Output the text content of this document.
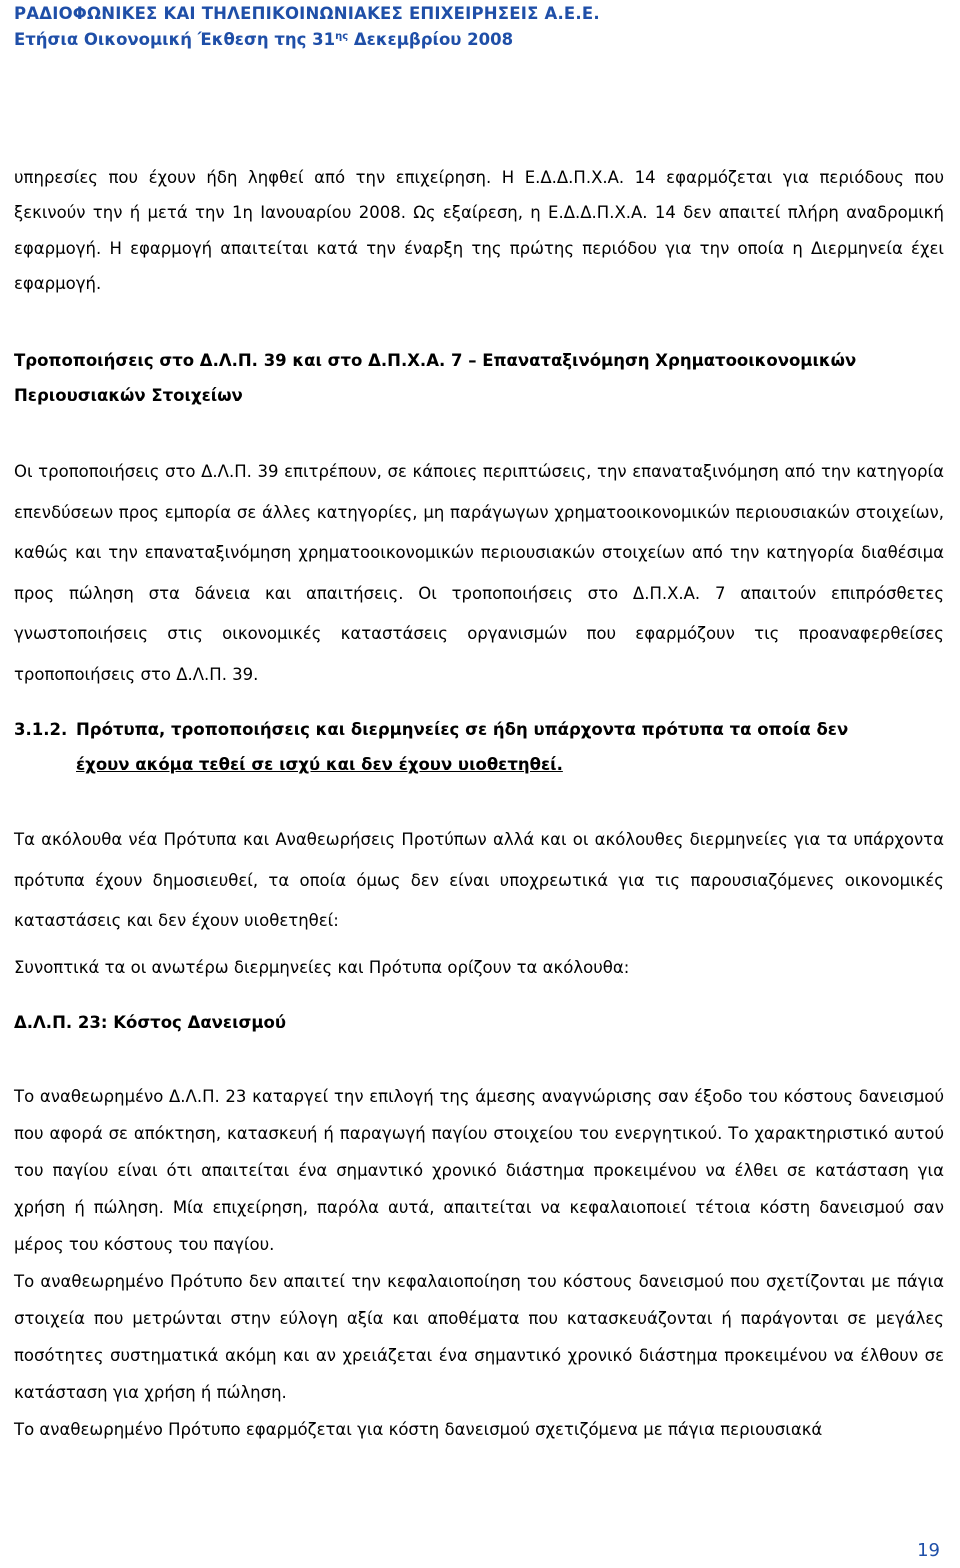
ΡΑΔΙΟΦΩΝΙΚΕΣ ΚΑΙ ΤΗΛΕΠΙΚΟΙΝΩΝΙΑΚΕΣ ΕΠΙΧΕΙΡΗΣΕΙΣ Α.Ε.Ε.
Ετήσια Οικονομική Έκθεση της $31^{\eta\varsigma}$ Δεκεμβρίου 2008

υπηρεσίες που έχουν ήδη ληφθεί από την επιχείρηση. Η Ε.Δ.Δ.Π.Χ.Α. 14 εφαρμόζεται για περιόδους που ξεκινούν την ή μετά την 1η Ιανουαρίου 2008. Ως εξαίρεση, η Ε.Δ.Δ.Π.Χ.Α. 14 δεν απαιτεί πλήρη αναδρομική εφαρμογή. Η εφαρμογή απαιτείται κατά την έναρξη της πρώτης περιόδου για την οποία η Διερμηνεία έχει εφαρμογή.

Τροποποιήσεις στο Δ.Λ.Π. 39 και στο Δ.Π.Χ.Α. 7 – Επαναταξινόμηση Χρηματοοικονομικών Περιουσιακών Στοιχείων

Οι τροποποιήσεις στο Δ.Λ.Π. 39 επιτρέπουν, σε κάποιες περιπτώσεις, την επαναταξινόμηση από την κατηγορία επενδύσεων προς εμπορία σε άλλες κατηγορίες, μη παράγωγων χρηματοοικονομικών περιουσιακών στοιχείων, καθώς και την επαναταξινόμηση χρηματοοικονομικών περιουσιακών στοιχείων από την κατηγορία διαθέσιμα προς πώληση στα δάνεια και απαιτήσεις. Οι τροποποιήσεις στο Δ.Π.Χ.Α. 7 απαιτούν επιπρόσθετες γνωστοποιήσεις στις οικονομικές καταστάσεις οργανισμών που εφαρμόζουν τις προαναφερθείσες τροποποιήσεις στο Δ.Λ.Π. 39.

3.1.2. Πρότυπα, τροποποιήσεις και διερμηνείες σε ήδη υπάρχοντα πρότυπα τα οποία δεν
έχουν ακόμα τεθεί σε ισχύ και δεν έχουν υιοθετηθεί.

Τα ακόλουθα νέα Πρότυπα και Αναθεωρήσεις Προτύπων αλλά και οι ακόλουθες διερμηνείες για τα υπάρχοντα πρότυπα έχουν δημοσιευθεί, τα οποία όμως δεν είναι υποχρεωτικά για τις παρουσιαζόμενες οικονομικές καταστάσεις και δεν έχουν υιοθετηθεί:

Συνοπτικά τα οι ανωτέρω διερμηνείες και Πρότυπα ορίζουν τα ακόλουθα:

Δ.Λ.Π. 23: Κόστος Δανεισμού

Το αναθεωρημένο Δ.Λ.Π. 23 καταργεί την επιλογή της άμεσης αναγνώρισης σαν έξοδο του κόστους δανεισμού που αφορά σε απόκτηση, κατασκευή ή παραγωγή παγίου στοιχείου του ενεργητικού. Το χαρακτηριστικό αυτού του παγίου είναι ότι απαιτείται ένα σημαντικό χρονικό διάστημα προκειμένου να έλθει σε κατάσταση για χρήση ή πώληση. Μία επιχείρηση, παρόλα αυτά, απαιτείται να κεφαλαιοποιεί τέτοια κόστη δανεισμού σαν μέρος του κόστους του παγίου.

Το αναθεωρημένο Πρότυπο δεν απαιτεί την κεφαλαιοποίηση του κόστους δανεισμού που σχετίζονται με πάγια στοιχεία που μετρώνται στην εύλογη αξία και αποθέματα που κατασκευάζονται ή παράγονται σε μεγάλες ποσότητες συστηματικά ακόμη και αν χρειάζεται ένα σημαντικό χρονικό διάστημα προκειμένου να έλθουν σε κατάσταση για χρήση ή πώληση.

Το αναθεωρημένο Πρότυπο εφαρμόζεται για κόστη δανεισμού σχετιζόμενα με πάγια περιουσιακά

19
